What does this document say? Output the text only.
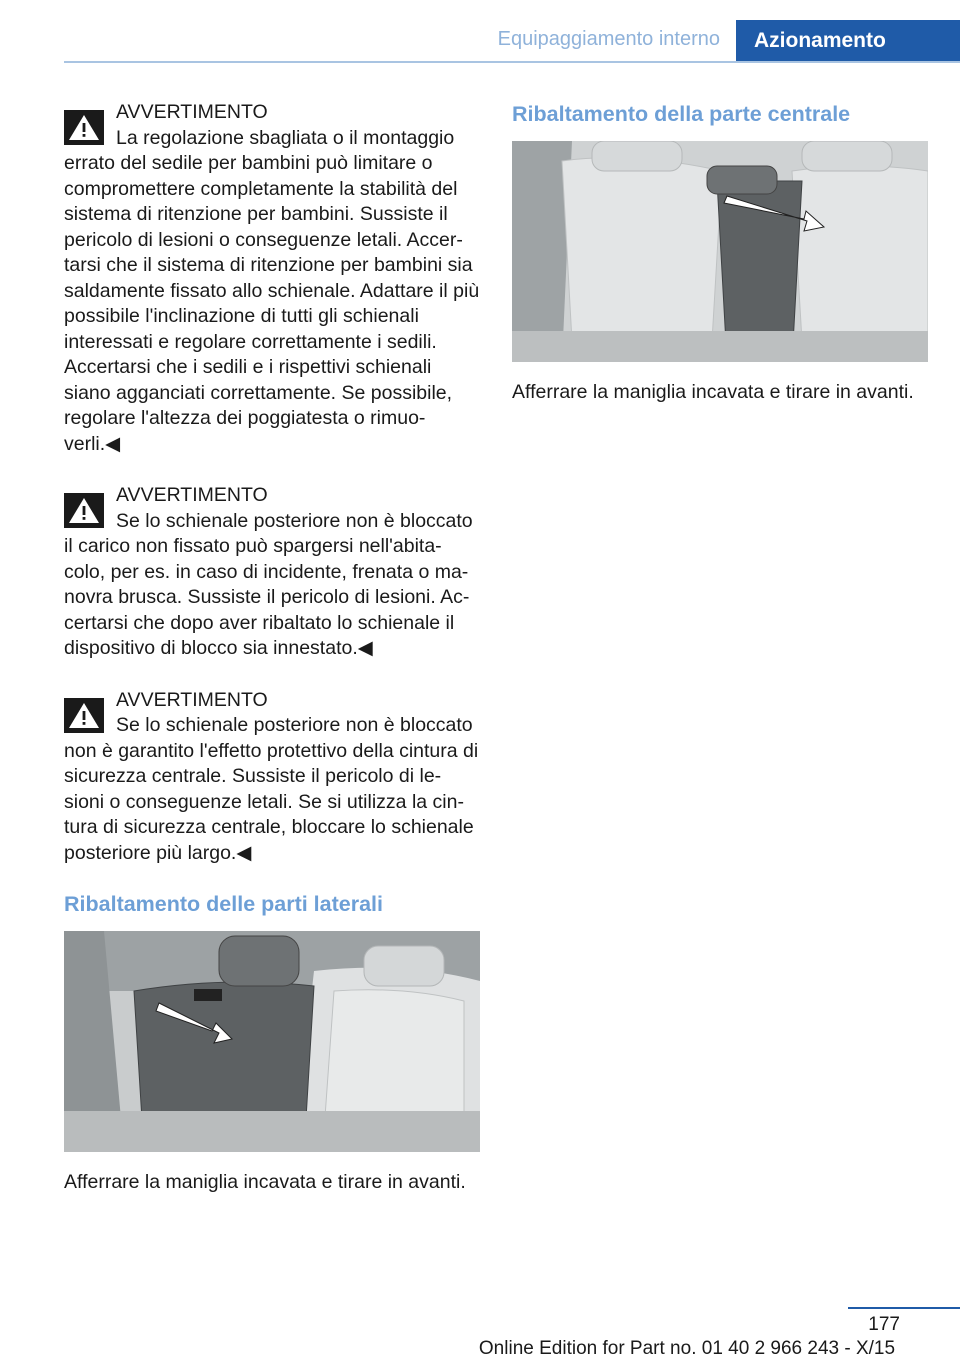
Equipaggiamento interno	Azionamento

AVVERTIMENTO
La regolazione sbagliata o il montaggio errato del sedile per bambini può limitare o compromettere completamente la stabilità del sistema di ritenzione per bambini. Sussiste il pericolo di lesioni o conseguenze letali. Accer‐ tarsi che il sistema di ritenzione per bambini sia saldamente fissato allo schienale. Adattare il più possibile l'inclinazione di tutti gli schienali interessati e regolare correttamente i sedili. Accertarsi che i sedili e i rispettivi schienali siano agganciati correttamente. Se possibile, regolare l'altezza dei poggiatesta o rimuo‐ verli.◀

AVVERTIMENTO
Se lo schienale posteriore non è bloccato il carico non fissato può spargersi nell'abita‐ colo, per es. in caso di incidente, frenata o ma‐ novra brusca. Sussiste il pericolo di lesioni. Ac‐ certarsi che dopo aver ribaltato lo schienale il dispositivo di blocco sia innestato.◀

AVVERTIMENTO
Se lo schienale posteriore non è bloccato non è garantito l'effetto protettivo della cintura di sicurezza centrale. Sussiste il pericolo di le‐ sioni o conseguenze letali. Se si utilizza la cin‐ tura di sicurezza centrale, bloccare lo schienale posteriore più largo.◀

Ribaltamento delle parti laterali
Afferrare la maniglia incavata e tirare in avanti.
Ribaltamento della parte centrale
Afferrare la maniglia incavata e tirare in avanti.
177
Online Edition for Part no. 01 40 2 966 243 - X/15
